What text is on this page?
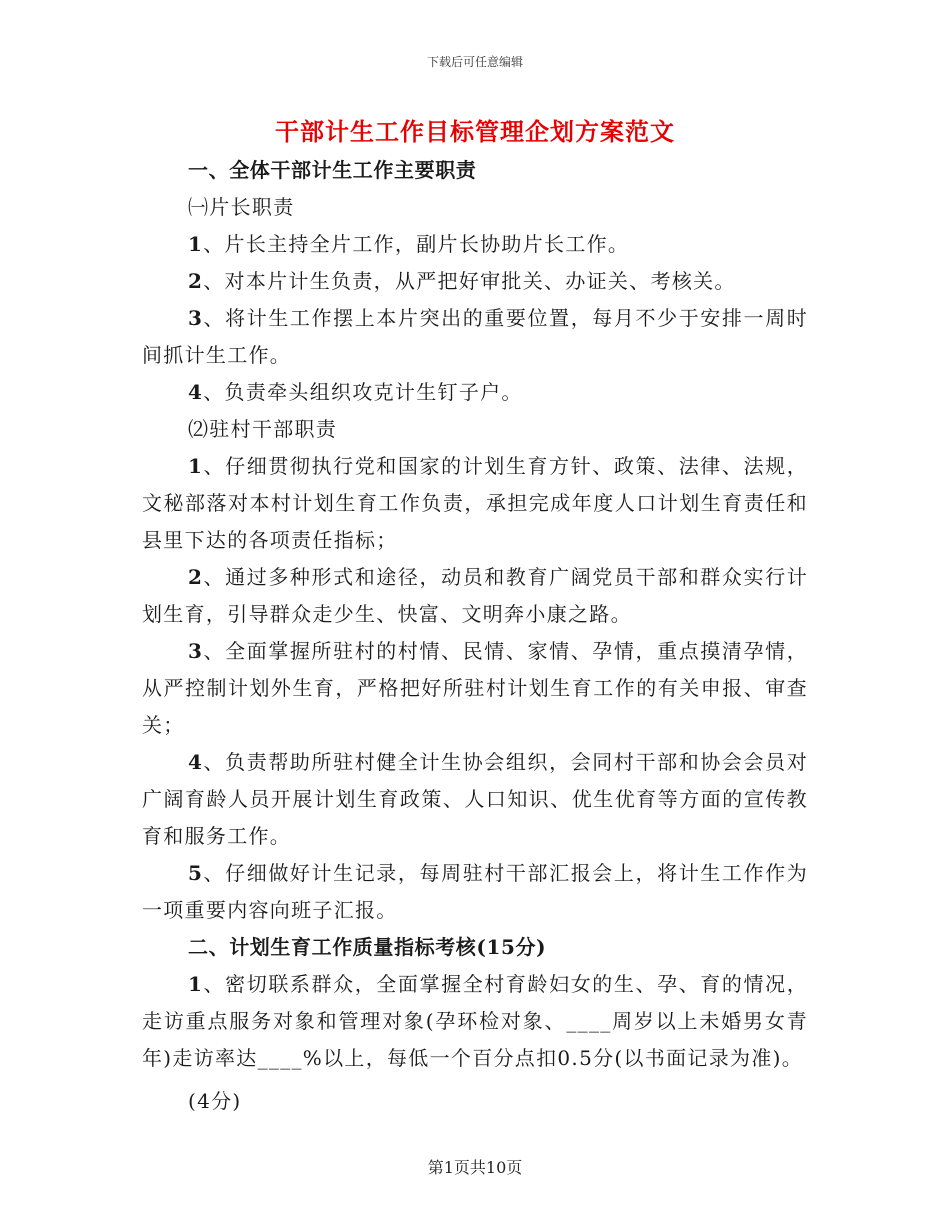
下载后可任意编辑
干部计生工作目标管理企划方案范文

一、全体干部计生工作主要职责

㈠片长职责

1、片长主持全片工作，副片长协助片长工作。

2、对本片计生负责，从严把好审批关、办证关、考核关。

3、将计生工作摆上本片突出的重要位置，每月不少于安排一周时间抓计生工作。

4、负责牵头组织攻克计生钉子户。

⑵驻村干部职责

1、仔细贯彻执行党和国家的计划生育方针、政策、法律、法规，文秘部落对本村计划生育工作负责，承担完成年度人口计划生育责任和县里下达的各项责任指标；

2、通过多种形式和途径，动员和教育广阔党员干部和群众实行计划生育，引导群众走少生、快富、文明奔小康之路。

3、全面掌握所驻村的村情、民情、家情、孕情，重点摸清孕情，从严控制计划外生育，严格把好所驻村计划生育工作的有关申报、审查关；

4、负责帮助所驻村健全计生协会组织，会同村干部和协会会员对广阔育龄人员开展计划生育政策、人口知识、优生优育等方面的宣传教育和服务工作。

5、仔细做好计生记录，每周驻村干部汇报会上，将计生工作作为一项重要内容向班子汇报。

二、计划生育工作质量指标考核(15分)

1、密切联系群众，全面掌握全村育龄妇女的生、孕、育的情况，走访重点服务对象和管理对象(孕环检对象、____周岁以上未婚男女青年)走访率达____%以上，每低一个百分点扣0.5分(以书面记录为准)。

(4分)

第1页共10页
